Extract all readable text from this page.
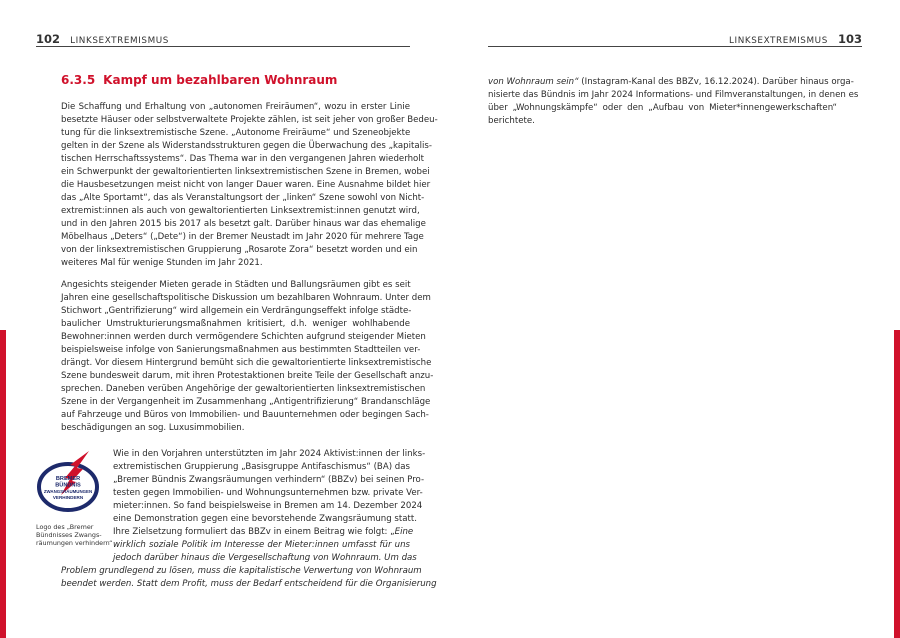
102 LINKSEXTREMISMUS	LINKSEXTREMISMUS 103
6.3.5 Kampf um bezahlbaren Wohnraum
Die Schaffung und Erhaltung von „autonomen Freiräumen“, wozu in erster Linie
besetzte Häuser oder selbstverwaltete Projekte zählen, ist seit jeher von großer Bedeu-
tung für die linksextremistische Szene. „Autonome Freiräume“ und Szeneobjekte
gelten in der Szene als Widerstandsstrukturen gegen die Überwachung des „kapitalis-
tischen Herrschaftssystems“. Das Thema war in den vergangenen Jahren wiederholt
ein Schwerpunkt der gewaltorientierten linksextremistischen Szene in Bremen, wobei
die Hausbesetzungen meist nicht von langer Dauer waren. Eine Ausnahme bildet hier
das „Alte Sportamt“, das als Veranstaltungsort der „linken“ Szene sowohl von Nicht-
extremist:innen als auch von gewaltorientierten Linksextremist:innen genutzt wird,
und in den Jahren 2015 bis 2017 als besetzt galt. Darüber hinaus war das ehemalige
Möbelhaus „Deters“ („Dete“) in der Bremer Neustadt im Jahr 2020 für mehrere Tage
von der linksextremistischen Gruppierung „Rosarote Zora“ besetzt worden und ein
weiteres Mal für wenige Stunden im Jahr 2021.
Angesichts steigender Mieten gerade in Städten und Ballungsräumen gibt es seit
Jahren eine gesellschaftspolitische Diskussion um bezahlbaren Wohnraum. Unter dem
Stichwort „Gentrifizierung“ wird allgemein ein Verdrängungseffekt infolge städte-
baulicher Umstrukturierungsmaßnahmen kritisiert, d.h. weniger wohlhabende
Bewohner:innen werden durch vermögendere Schichten aufgrund steigender Mieten
beispielsweise infolge von Sanierungsmaßnahmen aus bestimmten Stadtteilen ver-
drängt. Vor diesem Hintergrund bemüht sich die gewaltorientierte linksextremistische
Szene bundesweit darum, mit ihren Protestaktionen breite Teile der Gesellschaft anzu-
sprechen. Daneben verüben Angehörige der gewaltorientierten linksextremistischen
Szene in der Vergangenheit im Zusammenhang „Antigentrifizierung“ Brandanschläge
auf Fahrzeuge und Büros von Immobilien- und Bauunternehmen oder begingen Sach-
beschädigungen an sog. Luxusimmobilien.
BREMER
BÜNDNIS
ZWANGSRÄUMUNGEN
VERHINDERN
Logo des „Bremer
Bündnisses Zwangs-
räumungen verhindern“
Wie in den Vorjahren unterstützten im Jahr 2024 Aktivist:innen der links-
extremistischen Gruppierung „Basisgruppe Antifaschismus“ (BA) das
„Bremer Bündnis Zwangsräumungen verhindern“ (BBZv) bei seinen Pro-
testen gegen Immobilien- und Wohnungsunternehmen bzw. private Ver-
mieter:innen. So fand beispielsweise in Bremen am 14. Dezember 2024
eine Demonstration gegen eine bevorstehende Zwangsräumung statt.
Ihre Zielsetzung formuliert das BBZv in einem Beitrag wie folgt: „Eine
wirklich soziale Politik im Interesse der Mieter:innen umfasst für uns
jedoch darüber hinaus die Vergesellschaftung von Wohnraum. Um das
Problem grundlegend zu lösen, muss die kapitalistische Verwertung von Wohnraum
beendet werden. Statt dem Profit, muss der Bedarf entscheidend für die Organisierung
von Wohnraum sein“ (Instagram-Kanal des BBZv, 16.12.2024). Darüber hinaus orga-
nisierte das Bündnis im Jahr 2024 Informations- und Filmveranstaltungen, in denen es
über „Wohnungskämpfe“ oder den „Aufbau von Mieter*innengewerkschaften“
berichtete.
